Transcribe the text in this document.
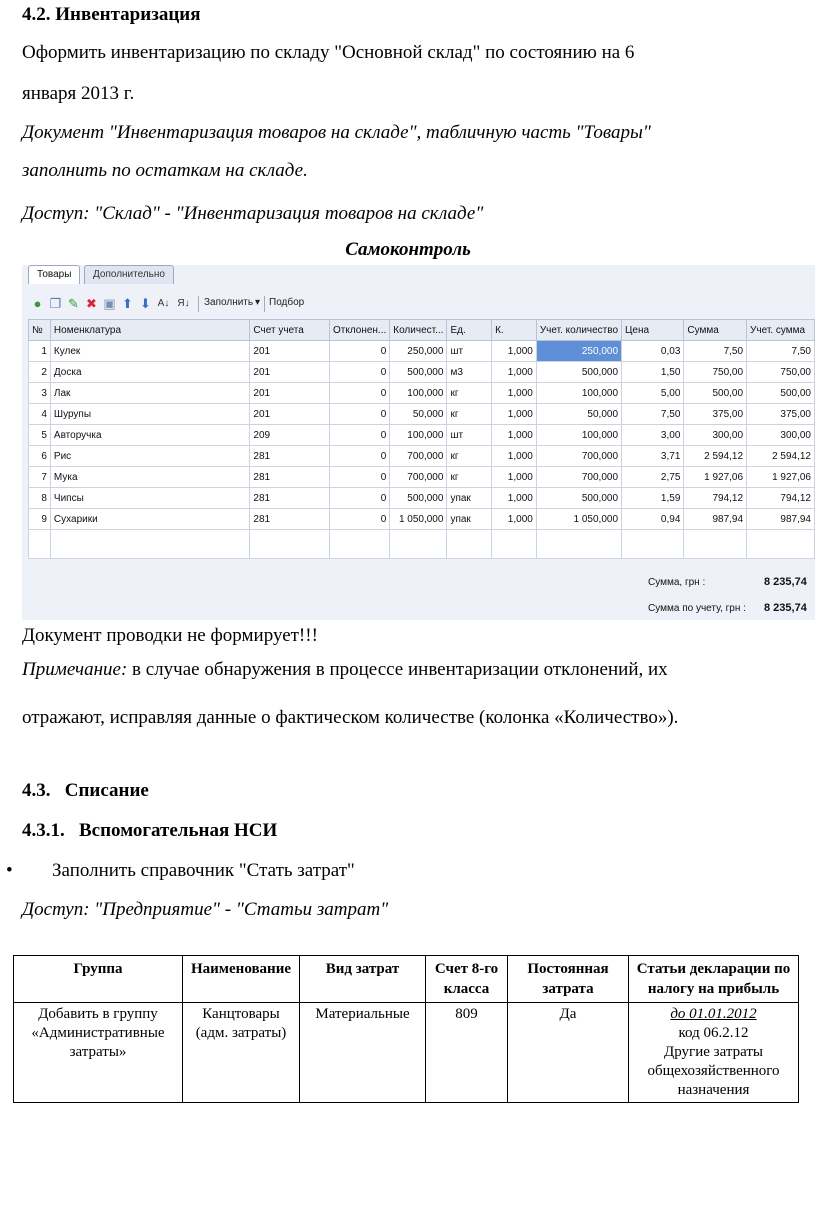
4.2. Инвентаризация
Оформить инвентаризацию по складу "Основной склад" по состоянию на 6
января 2013 г.
Документ "Инвентаризация товаров на складе", табличную часть "Товары"
заполнить по остаткам на складе.
Доступ: "Склад" - "Инвентаризация товаров на складе"
Самоконтроль
Товары	Дополнительно
● ❐ ✎ ✖ ▣ ⬆ ⬇ A↓ Я↓ Заполнить ▾ Подбор
№	Номенклатура	Счет учета	Отклонен...	Количест...	Ед.	К.	Учет. количество	Цена	Сумма	Учет. сумма
1	Кулек	201	0	250,000	шт	1,000	250,000	0,03	7,50	7,50
2	Доска	201	0	500,000	м3	1,000	500,000	1,50	750,00	750,00
3	Лак	201	0	100,000	кг	1,000	100,000	5,00	500,00	500,00
4	Шурупы	201	0	50,000	кг	1,000	50,000	7,50	375,00	375,00
5	Авторучка	209	0	100,000	шт	1,000	100,000	3,00	300,00	300,00
6	Рис	281	0	700,000	кг	1,000	700,000	3,71	2 594,12	2 594,12
7	Мука	281	0	700,000	кг	1,000	700,000	2,75	1 927,06	1 927,06
8	Чипсы	281	0	500,000	упак	1,000	500,000	1,59	794,12	794,12
9	Сухарики	281	0	1 050,000	упак	1,000	1 050,000	0,94	987,94	987,94

Сумма, грн :	8 235,74
Сумма по учету, грн : 8 235,74
Документ проводки не формирует!!!
Примечание: в случае обнаружения в процессе инвентаризации отклонений, их
отражают, исправляя данные о фактическом количестве (колонка «Количество»).
4.3.   Списание
4.3.1.   Вспомогательная НСИ
• Заполнить справочник "Стать затрат"
Доступ: "Предприятие" - "Статьи затрат"
Группа	Наименование	Вид затрат	Счет 8-го класса	Постоянная затрата	Статьи декларации по налогу на прибыль
Добавить в группу «Административные затраты»	Канцтовары (адм. затраты)	Материальные	809	Да	до 01.01.2012
код 06.2.12
Другие затраты общехозяйственного назначения
